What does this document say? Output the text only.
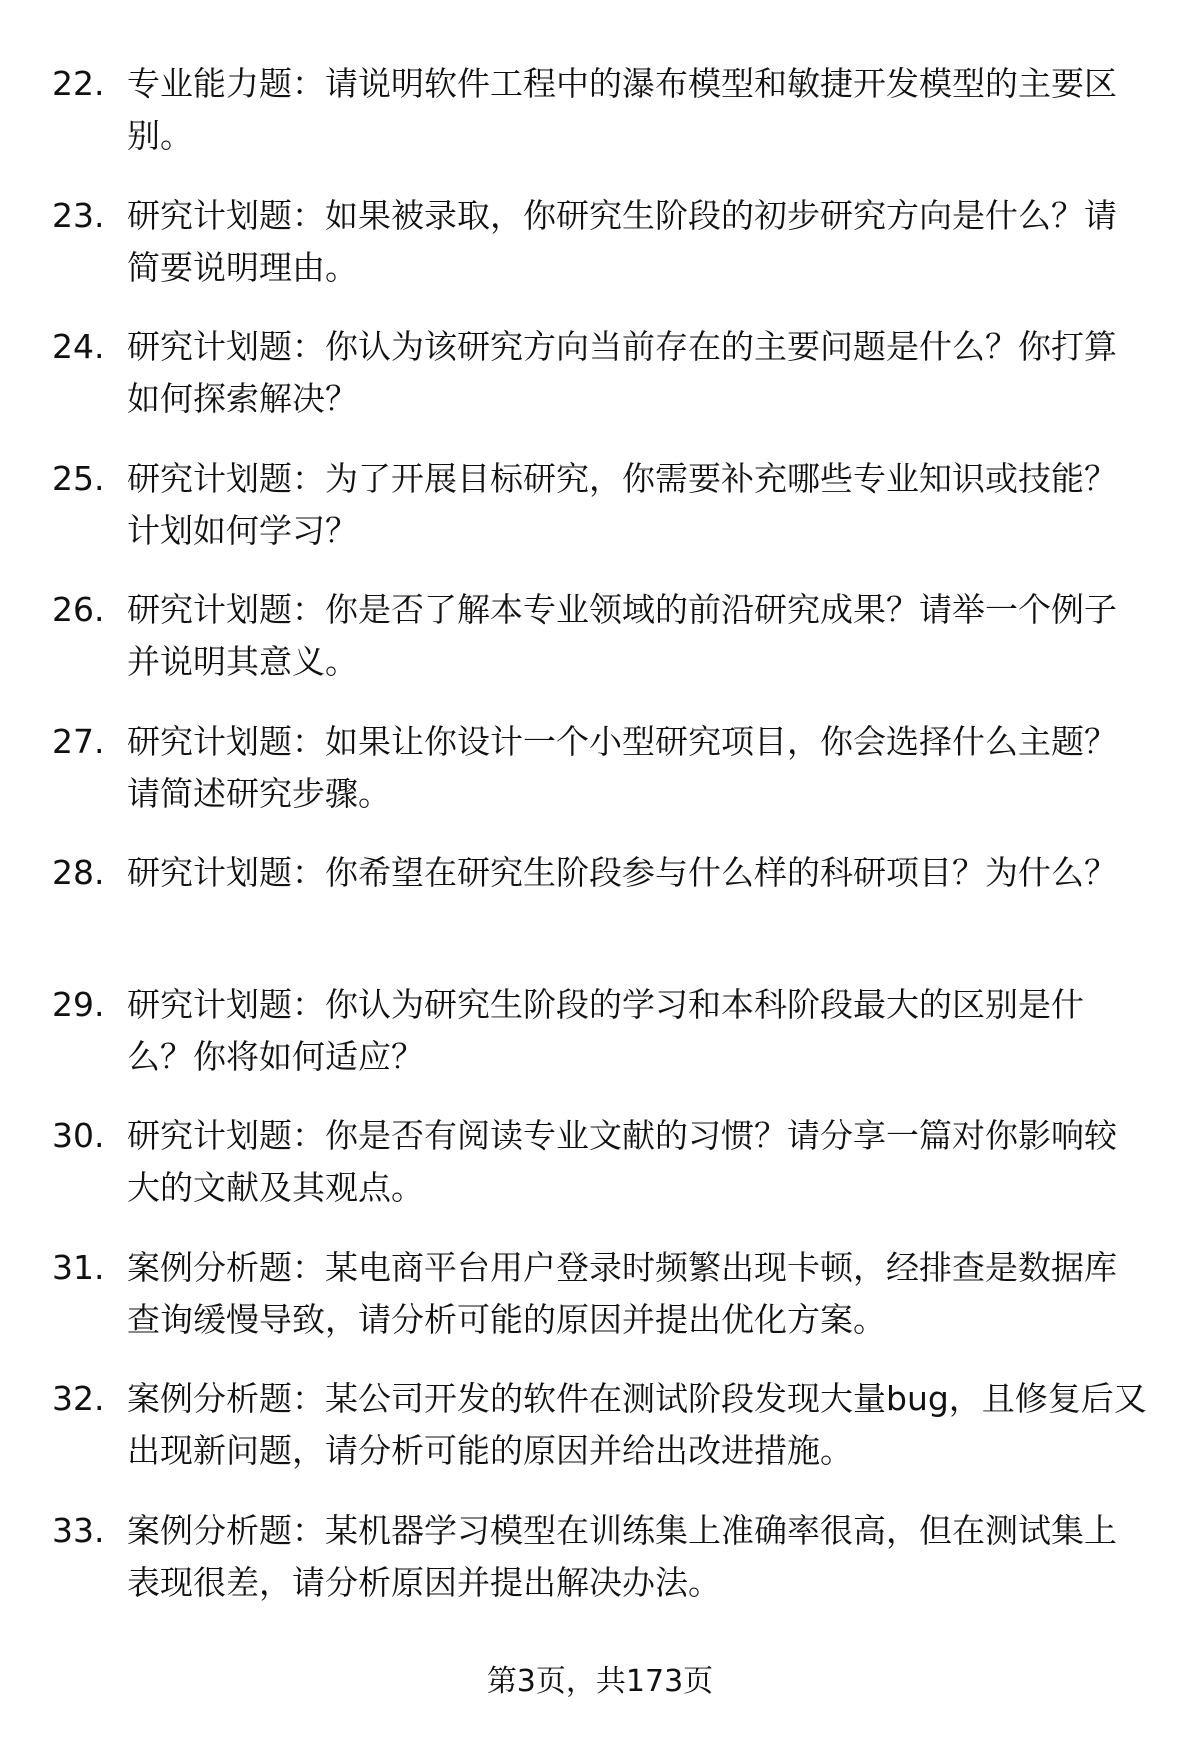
22. 专业能力题：请说明软件工程中的瀑布模型和敏捷开发模型的主要区别。
23. 研究计划题：如果被录取，你研究生阶段的初步研究方向是什么？请简要说明理由。
24. 研究计划题：你认为该研究方向当前存在的主要问题是什么？你打算如何探索解决？
25. 研究计划题：为了开展目标研究，你需要补充哪些专业知识或技能？计划如何学习？
26. 研究计划题：你是否了解本专业领域的前沿研究成果？请举一个例子并说明其意义。
27. 研究计划题：如果让你设计一个小型研究项目，你会选择什么主题？请简述研究步骤。
28. 研究计划题：你希望在研究生阶段参与什么样的科研项目？为什么？
29. 研究计划题：你认为研究生阶段的学习和本科阶段最大的区别是什么？你将如何适应？
30. 研究计划题：你是否有阅读专业文献的习惯？请分享一篇对你影响较大的文献及其观点。
31. 案例分析题：某电商平台用户登录时频繁出现卡顿，经排查是数据库查询缓慢导致，请分析可能的原因并提出优化方案。
32. 案例分析题：某公司开发的软件在测试阶段发现大量bug，且修复后又出现新问题，请分析可能的原因并给出改进措施。
33. 案例分析题：某机器学习模型在训练集上准确率很高，但在测试集上表现很差，请分析原因并提出解决办法。
第3页，共173页
